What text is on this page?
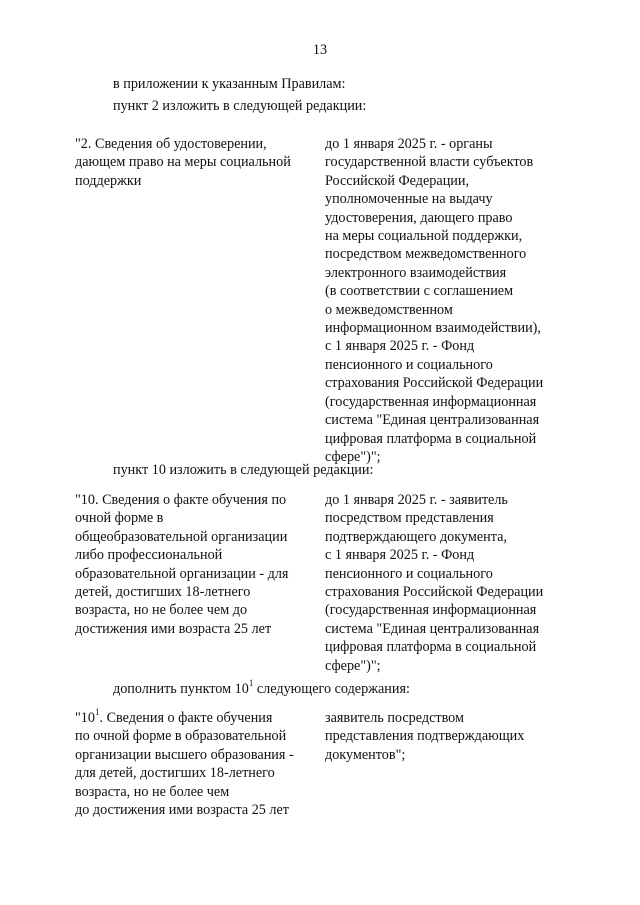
13
в приложении к указанным Правилам:
пункт 2 изложить в следующей редакции:
"2. Сведения об удостоверении,
дающем право на меры социальной
поддержки
до 1 января 2025 г. - органы
государственной власти субъектов
Российской Федерации,
уполномоченные на выдачу
удостоверения, дающего право
на меры социальной поддержки,
посредством межведомственного
электронного взаимодействия
(в соответствии с соглашением
о межведомственном
информационном взаимодействии),
с 1 января 2025 г. - Фонд
пенсионного и социального
страхования Российской Федерации
(государственная информационная
система "Единая централизованная
цифровая платформа в социальной
сфере")";
пункт 10 изложить в следующей редакции:
"10. Сведения о факте обучения по
очной форме в
общеобразовательной организации
либо профессиональной
образовательной организации - для
детей, достигших 18-летнего
возраста, но не более чем до
достижения ими возраста 25 лет
до 1 января 2025 г. - заявитель
посредством представления
подтверждающего документа,
с 1 января 2025 г. - Фонд
пенсионного и социального
страхования Российской Федерации
(государственная информационная
система "Единая централизованная
цифровая платформа в социальной
сфере")";
дополнить пунктом $10^1$ следующего содержания:
"$10^1$. Сведения о факте обучения
по очной форме в образовательной
организации высшего образования -
для детей, достигших 18-летнего
возраста, но не более чем
до достижения ими возраста 25 лет
заявитель посредством
представления подтверждающих
документов";
